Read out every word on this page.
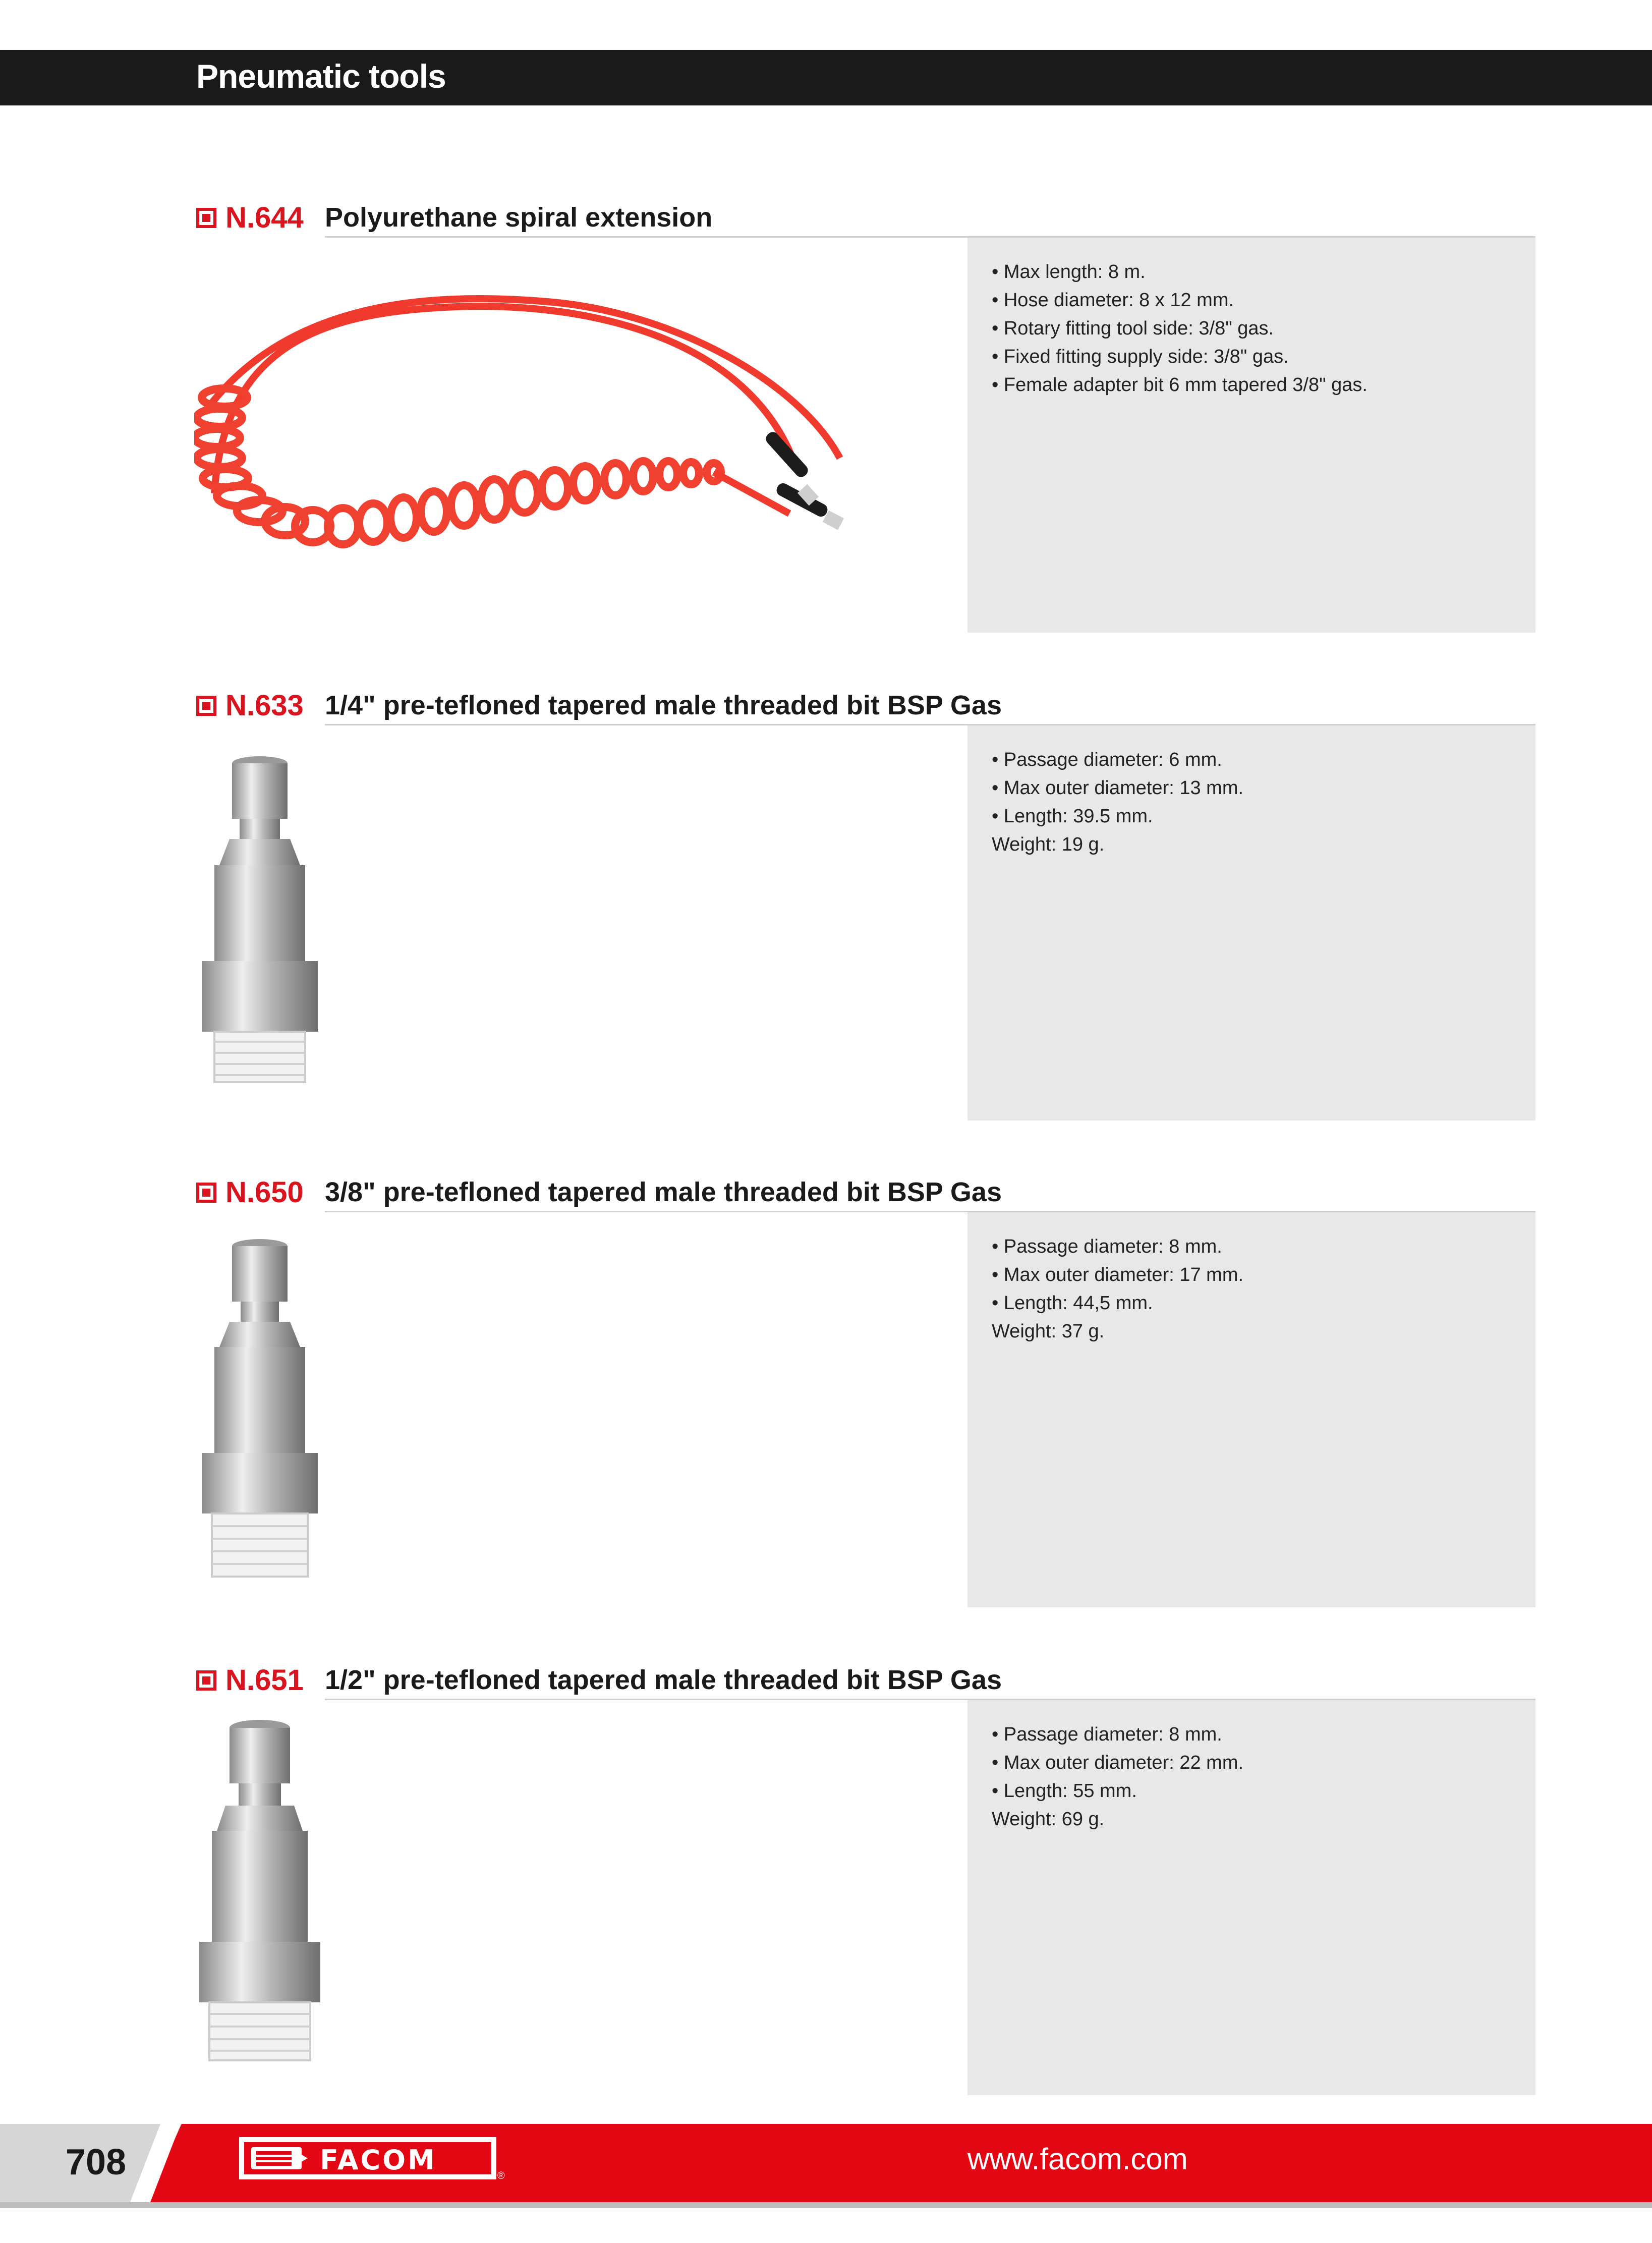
Pneumatic tools
N.644 Polyurethane spiral extension
• Max length: 8 m.
• Hose diameter: 8 x 12 mm.
• Rotary fitting tool side: 3/8" gas.
• Fixed fitting supply side: 3/8" gas.
• Female adapter bit 6 mm tapered 3/8" gas.
N.633 1/4" pre-tefloned tapered male threaded bit BSP Gas
• Passage diameter: 6 mm.
• Max outer diameter: 13 mm.
• Length: 39.5 mm.
Weight: 19 g.
N.650 3/8" pre-tefloned tapered male threaded bit BSP Gas
• Passage diameter: 8 mm.
• Max outer diameter: 17 mm.
• Length: 44,5 mm.
Weight: 37 g.
N.651 1/2" pre-tefloned tapered male threaded bit BSP Gas
• Passage diameter: 8 mm.
• Max outer diameter: 22 mm.
• Length: 55 mm.
Weight: 69 g.
708	FACOM	®	www.facom.com
